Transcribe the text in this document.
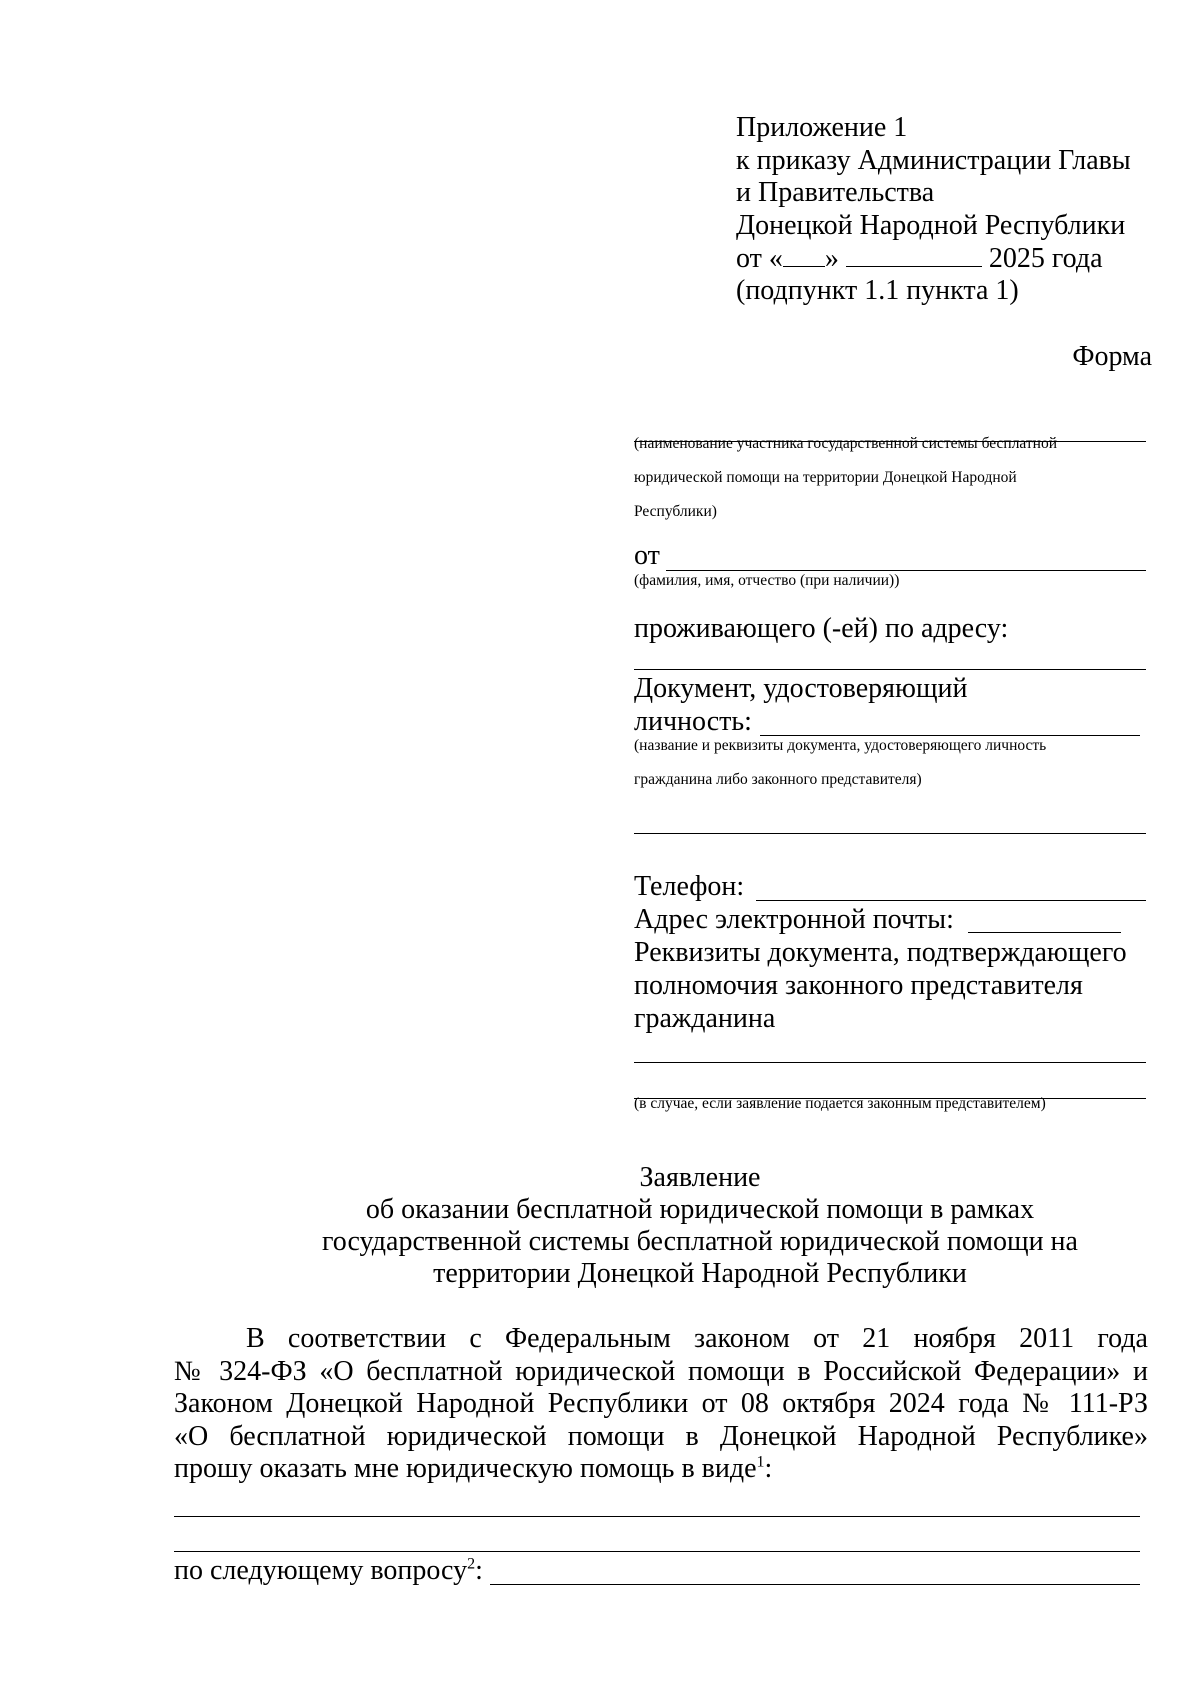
Приложение 1
к приказу Администрации Главы
и Правительства
Донецкой Народной Республики
от « »	2025 года
(подпункт 1.1 пункта 1)
Форма
(наименование участника государственной системы бесплатной
юридической помощи на территории Донецкой Народной
Республики)
от
(фамилия, имя, отчество (при наличии))
проживающего (-ей) по адресу:
Документ, удостоверяющий
личность:
(название и реквизиты документа, удостоверяющего личность
гражданина либо законного представителя)
Телефон:
Адрес электронной почты:
Реквизиты документа, подтверждающего
полномочия законного представителя
гражданина
(в случае, если заявление подается законным представителем)
Заявление
об оказании бесплатной юридической помощи в рамках
государственной системы бесплатной юридической помощи на
территории Донецкой Народной Республики
В соответствии с Федеральным законом от 21 ноября 2011 года
№ 324-ФЗ «О бесплатной юридической помощи в Российской Федерации» и
Законом Донецкой Народной Республики от 08 октября 2024 года № 111-РЗ
«О бесплатной юридической помощи в Донецкой Народной Республике»
прошу оказать мне юридическую помощь в виде$^1$:
по следующему вопросу$^2$:
